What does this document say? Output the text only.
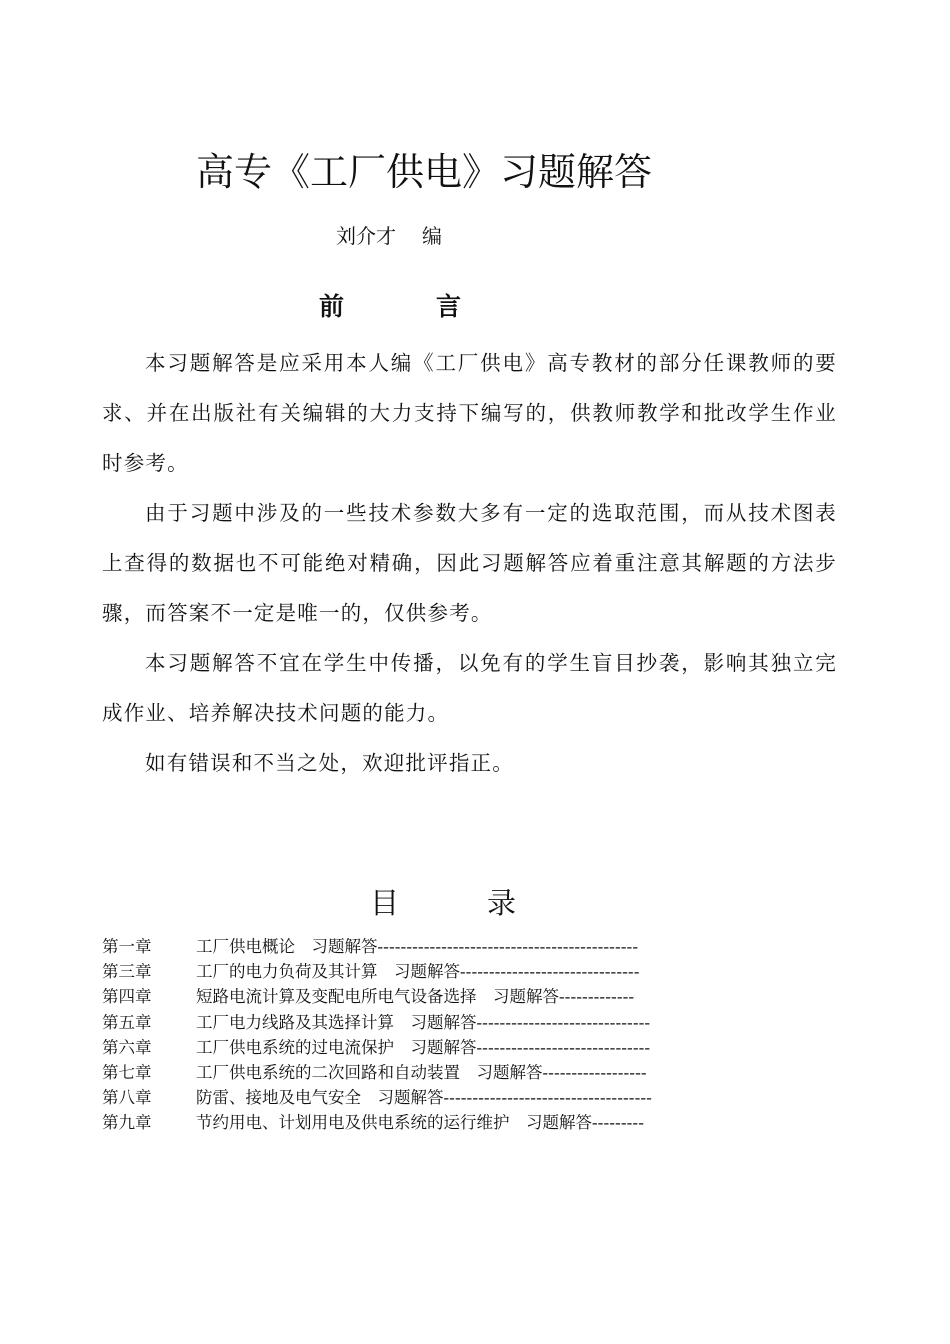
高专《工厂供电》习题解答
刘介才 编
前	言

本习题解答是应采用本人编《工厂供电》高专教材的部分任课教师的要求、并在出版社有关编辑的大力支持下编写的，供教师教学和批改学生作业时参考。

由于习题中涉及的一些技术参数大多有一定的选取范围，而从技术图表上查得的数据也不可能绝对精确，因此习题解答应着重注意其解题的方法步骤，而答案不一定是唯一的，仅供参考。

本习题解答不宜在学生中传播，以免有的学生盲目抄袭，影响其独立完成作业、培养解决技术问题的能力。

如有错误和不当之处，欢迎批评指正。

目	录
第一章	工厂供电概论　习题解答---------------------------------------------
第三章	工厂的电力负荷及其计算　习题解答-------------------------------
第四章	短路电流计算及变配电所电气设备选择　习题解答-------------
第五章	工厂电力线路及其选择计算　习题解答------------------------------
第六章	工厂供电系统的过电流保护　习题解答------------------------------
第七章	工厂供电系统的二次回路和自动装置　习题解答------------------
第八章	防雷、接地及电气安全　习题解答------------------------------------
第九章	节约用电、计划用电及供电系统的运行维护　习题解答---------
